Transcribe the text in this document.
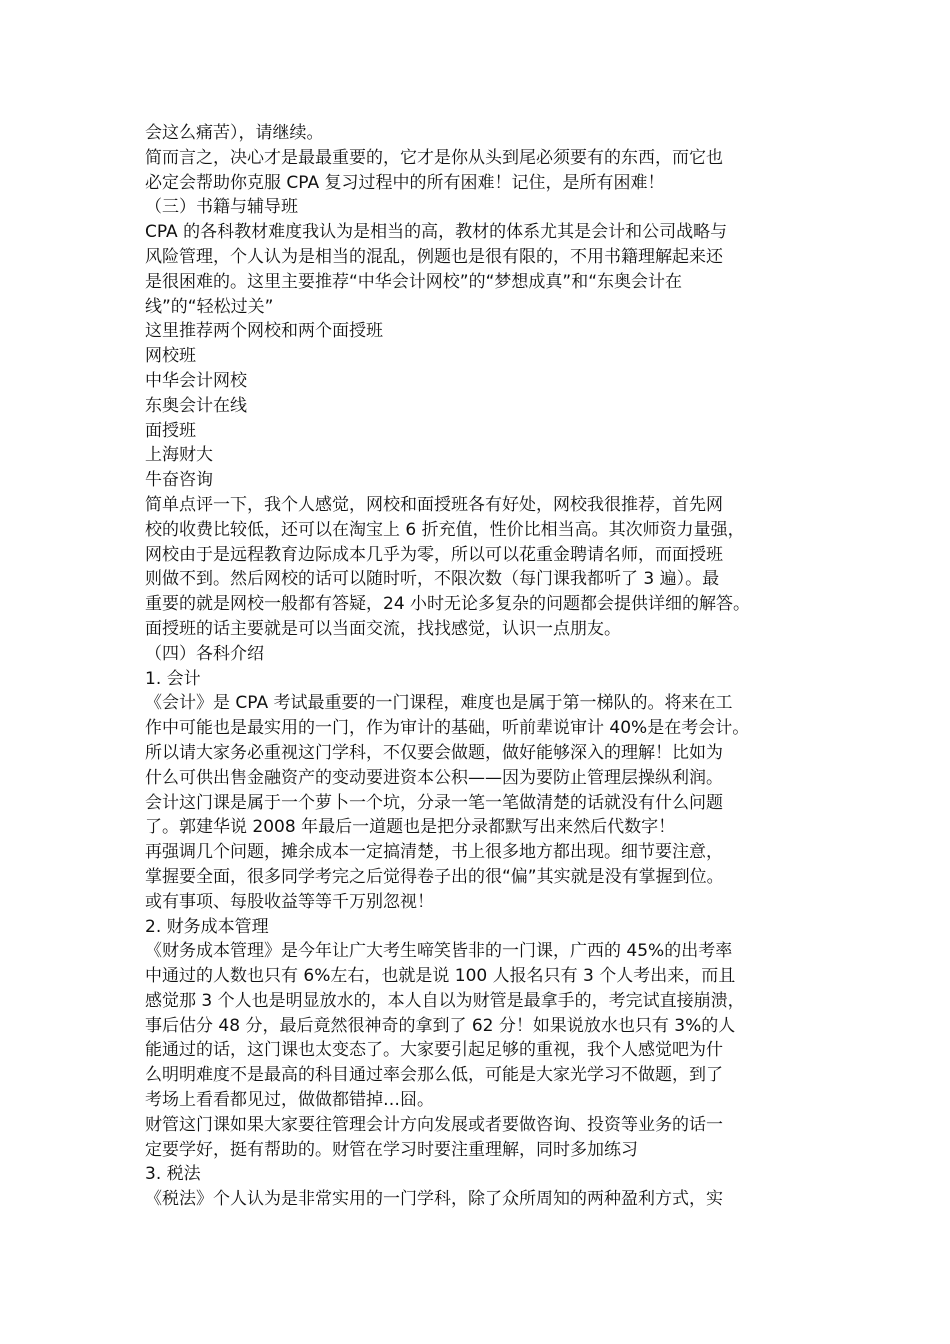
会这么痛苦），请继续。
简而言之，决心才是最最重要的，它才是你从头到尾必须要有的东西，而它也
必定会帮助你克服 CPA 复习过程中的所有困难！记住，是所有困难！
（三）书籍与辅导班
CPA 的各科教材难度我认为是相当的高，教材的体系尤其是会计和公司战略与
风险管理，个人认为是相当的混乱，例题也是很有限的，不用书籍理解起来还
是很困难的。这里主要推荐“中华会计网校”的“梦想成真”和“东奥会计在
线”的“轻松过关”
这里推荐两个网校和两个面授班
网校班
中华会计网校
东奥会计在线
面授班
上海财大
牛奋咨询
简单点评一下，我个人感觉，网校和面授班各有好处，网校我很推荐，首先网
校的收费比较低，还可以在淘宝上 6 折充值，性价比相当高。其次师资力量强，
网校由于是远程教育边际成本几乎为零，所以可以花重金聘请名师，而面授班
则做不到。然后网校的话可以随时听，不限次数（每门课我都听了 3 遍）。最
重要的就是网校一般都有答疑，24 小时无论多复杂的问题都会提供详细的解答。
面授班的话主要就是可以当面交流，找找感觉，认识一点朋友。
（四）各科介绍
1. 会计
《会计》是 CPA 考试最重要的一门课程，难度也是属于第一梯队的。将来在工
作中可能也是最实用的一门，作为审计的基础，听前辈说审计 40%是在考会计。
所以请大家务必重视这门学科，不仅要会做题，做好能够深入的理解！比如为
什么可供出售金融资产的变动要进资本公积——因为要防止管理层操纵利润。
会计这门课是属于一个萝卜一个坑，分录一笔一笔做清楚的话就没有什么问题
了。郭建华说 2008 年最后一道题也是把分录都默写出来然后代数字！
再强调几个问题，摊余成本一定搞清楚，书上很多地方都出现。细节要注意，
掌握要全面，很多同学考完之后觉得卷子出的很“偏”其实就是没有掌握到位。
或有事项、每股收益等等千万别忽视！
2. 财务成本管理
《财务成本管理》是今年让广大考生啼笑皆非的一门课，广西的 45%的出考率
中通过的人数也只有 6%左右，也就是说 100 人报名只有 3 个人考出来，而且
感觉那 3 个人也是明显放水的，本人自以为财管是最拿手的，考完试直接崩溃，
事后估分 48 分，最后竟然很神奇的拿到了 62 分！如果说放水也只有 3%的人
能通过的话，这门课也太变态了。大家要引起足够的重视，我个人感觉吧为什
么明明难度不是最高的科目通过率会那么低，可能是大家光学习不做题，到了
考场上看看都见过，做做都错掉…囧。
财管这门课如果大家要往管理会计方向发展或者要做咨询、投资等业务的话一
定要学好，挺有帮助的。财管在学习时要注重理解，同时多加练习
3. 税法
《税法》个人认为是非常实用的一门学科，除了众所周知的两种盈利方式，实
